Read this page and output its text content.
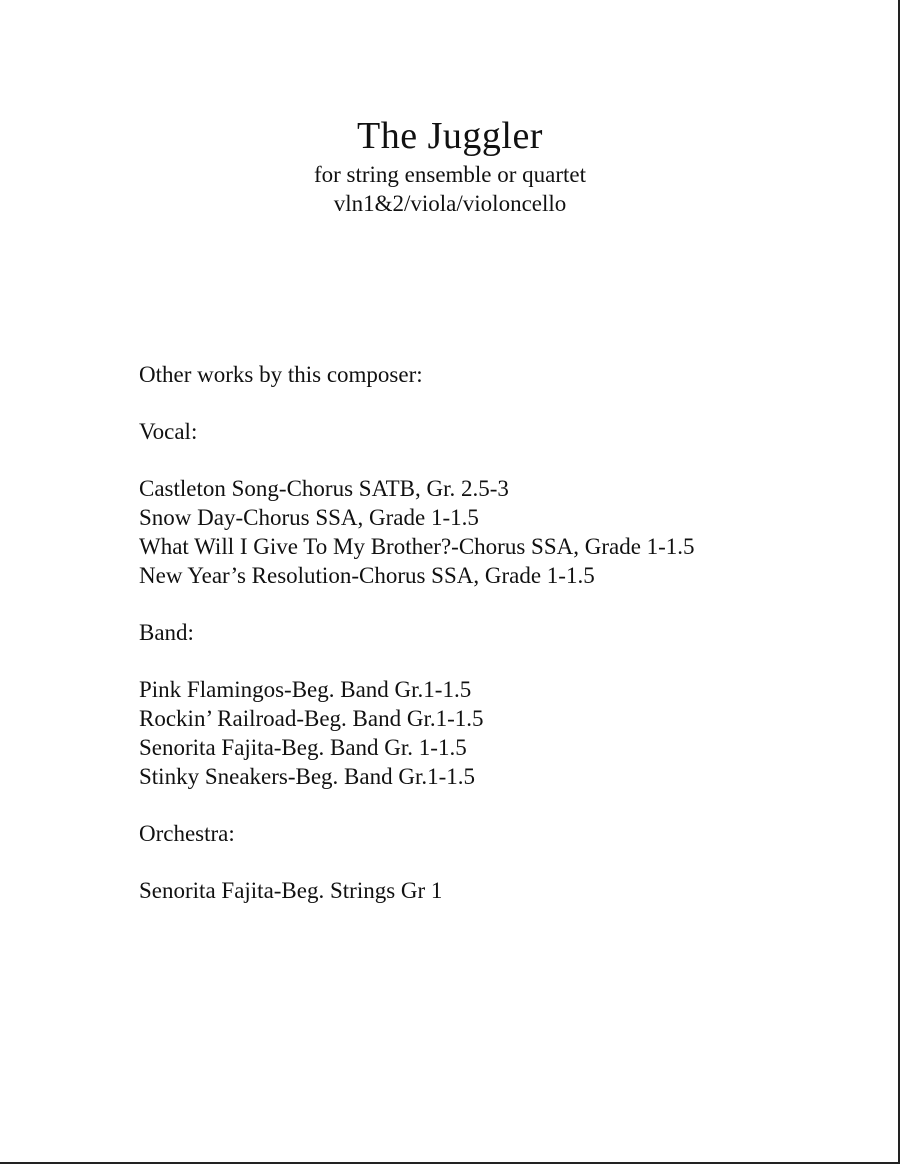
The Juggler

for string ensemble or quartet

vln1&2/viola/violoncello

Other works by this composer:
Vocal:
Castleton Song-Chorus SATB, Gr. 2.5-3
Snow Day-Chorus SSA, Grade 1-1.5
What Will I Give To My Brother?-Chorus SSA, Grade 1-1.5
New Year’s Resolution-Chorus SSA, Grade 1-1.5
Band:
Pink Flamingos-Beg. Band Gr.1-1.5
Rockin’ Railroad-Beg. Band Gr.1-1.5
Senorita Fajita-Beg. Band Gr. 1-1.5
Stinky Sneakers-Beg. Band Gr.1-1.5
Orchestra:
Senorita Fajita-Beg. Strings Gr 1
